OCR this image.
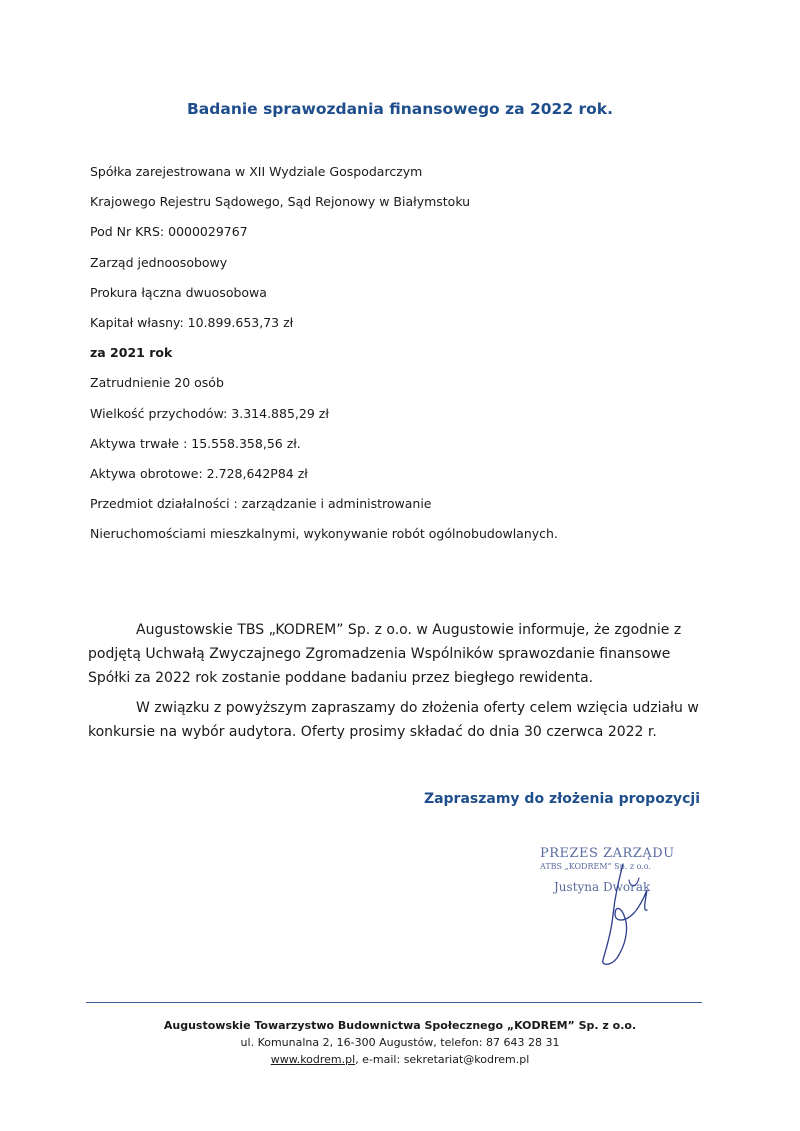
Badanie sprawozdania finansowego za 2022 rok.
Spółka zarejestrowana w XII Wydziale Gospodarczym
Krajowego Rejestru Sądowego, Sąd Rejonowy w Białymstoku
Pod Nr KRS: 0000029767
Zarząd jednoosobowy
Prokura łączna dwuosobowa
Kapitał własny: 10.899.653,73 zł
za 2021 rok
Zatrudnienie 20 osób
Wielkość przychodów: 3.314.885,29 zł
Aktywa trwałe : 15.558.358,56 zł.
Aktywa obrotowe: 2.728,642P84 zł
Przedmiot działalności : zarządzanie i administrowanie
Nieruchomościami mieszkalnymi, wykonywanie robót ogólnobudowlanych.
Augustowskie TBS „KODREM” Sp. z o.o. w Augustowie informuje, że zgodnie z podjętą Uchwałą Zwyczajnego Zgromadzenia Wspólników sprawozdanie finansowe Spółki za 2022 rok zostanie poddane badaniu przez biegłego rewidenta.
W związku z powyższym zapraszamy do złożenia oferty celem wzięcia udziału w konkursie na wybór audytora. Oferty prosimy składać do dnia 30 czerwca 2022 r.
Zapraszamy do złożenia propozycji
PREZES ZARZĄDU
ATBS „KODREM” Sp. z o.o.
Justyna Dworak
Augustowskie Towarzystwo Budownictwa Społecznego „KODREM” Sp. z o.o.
ul. Komunalna 2, 16-300 Augustów, telefon: 87 643 28 31
www.kodrem.pl, e-mail: sekretariat@kodrem.pl
